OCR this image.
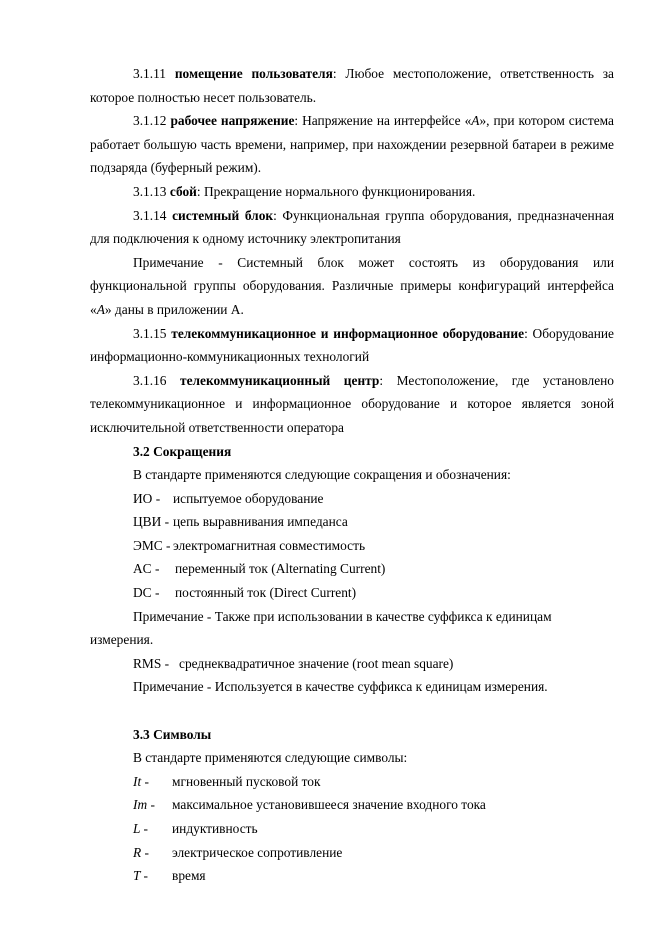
3.1.11 помещение пользователя: Любое местоположение, ответственность за которое полностью несет пользователь.

3.1.12 рабочее напряжение: Напряжение на интерфейсе «А», при котором система работает большую часть времени, например, при нахождении резервной батареи в режиме подзаряда (буферный режим).

3.1.13 сбой: Прекращение нормального функционирования.

3.1.14 системный блок: Функциональная группа оборудования, предназначенная для подключения к одному источнику электропитания

Примечание - Системный блок может состоять из оборудования или функциональной группы оборудования. Различные примеры конфигураций интерфейса «А» даны в приложении А.

3.1.15 телекоммуникационное и информационное оборудование: Оборудование информационно-коммуникационных технологий

3.1.16 телекоммуникационный центр: Местоположение, где установлено телекоммуникационное и информационное оборудование и которое является зоной исключительной ответственности оператора

3.2 Сокращения

В стандарте применяются следующие сокращения и обозначения:

ИО - испытуемое оборудование
ЦВИ - цепь выравнивания импеданса
ЭМС - электромагнитная совместимость
AC -	переменный ток (Alternating Current)
DC -	постоянный ток (Direct Current)

Примечание - Также при использовании в качестве суффикса к единицам измерения.

RMS - среднеквадратичное значение (root mean square)

Примечание - Используется в качестве суффикса к единицам измерения.

3.3 Символы

В стандарте применяются следующие символы:

It -	мгновенный пусковой ток
Im -	максимальное установившееся значение входного тока
L -	индуктивность
R -	электрическое сопротивление
T -	время
